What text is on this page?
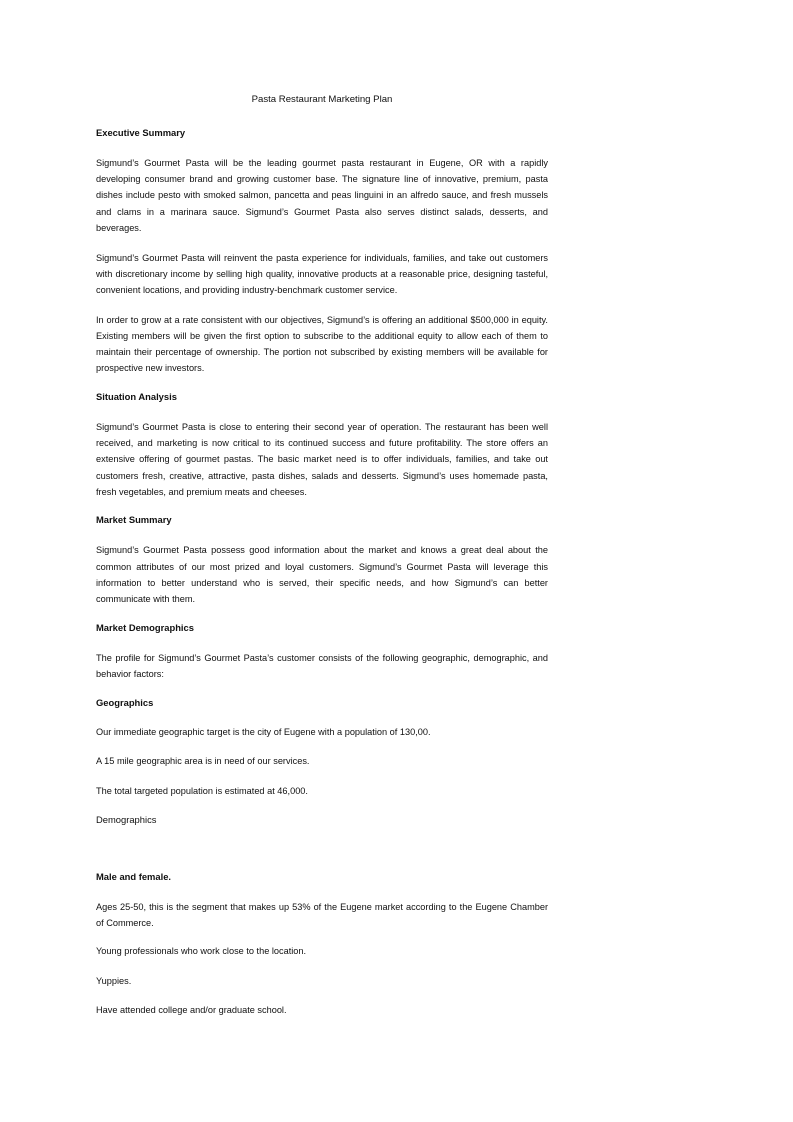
Pasta Restaurant Marketing Plan
Executive Summary

Sigmund’s Gourmet Pasta will be the leading gourmet pasta restaurant in Eugene, OR with a rapidly developing consumer brand and growing customer base. The signature line of innovative, premium, pasta dishes include pesto with smoked salmon, pancetta and peas linguini in an alfredo sauce, and fresh mussels and clams in a marinara sauce. Sigmund’s Gourmet Pasta also serves distinct salads, desserts, and beverages.

Sigmund’s Gourmet Pasta will reinvent the pasta experience for individuals, families, and take out customers with discretionary income by selling high quality, innovative products at a reasonable price, designing tasteful, convenient locations, and providing industry-benchmark customer service.

In order to grow at a rate consistent with our objectives, Sigmund’s is offering an additional $500,000 in equity. Existing members will be given the first option to subscribe to the additional equity to allow each of them to maintain their percentage of ownership. The portion not subscribed by existing members will be available for prospective new investors.

Situation Analysis

Sigmund’s Gourmet Pasta is close to entering their second year of operation. The restaurant has been well received, and marketing is now critical to its continued success and future profitability. The store offers an extensive offering of gourmet pastas. The basic market need is to offer individuals, families, and take out customers fresh, creative, attractive, pasta dishes, salads and desserts. Sigmund’s uses homemade pasta, fresh vegetables, and premium meats and cheeses.

Market Summary

Sigmund’s Gourmet Pasta possess good information about the market and knows a great deal about the common attributes of our most prized and loyal customers. Sigmund’s Gourmet Pasta will leverage this information to better understand who is served, their specific needs, and how Sigmund’s can better communicate with them.

Market Demographics

The profile for Sigmund’s Gourmet Pasta’s customer consists of the following geographic, demographic, and behavior factors:

Geographics

Our immediate geographic target is the city of Eugene with a population of 130,00.

A 15 mile geographic area is in need of our services.

The total targeted population is estimated at 46,000.

Demographics
Male and female.

Ages 25-50, this is the segment that makes up 53% of the Eugene market according to the Eugene Chamber of Commerce.

Young professionals who work close to the location.

Yuppies.

Have attended college and/or graduate school.
